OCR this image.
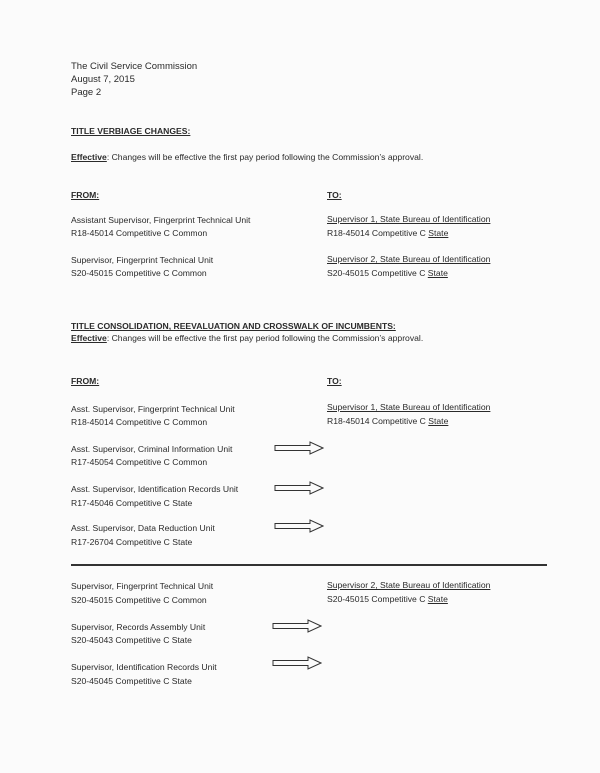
The Civil Service Commission
August 7, 2015
Page 2
TITLE VERBIAGE CHANGES:
Effective: Changes will be effective the first pay period following the Commission’s approval.
FROM:	TO:
Assistant Supervisor, Fingerprint Technical Unit
R18-45014 Competitive C Common
Supervisor, Fingerprint Technical Unit
S20-45015 Competitive C Common
Supervisor 1, State Bureau of Identification
R18-45014 Competitive C State
Supervisor 2, State Bureau of Identification
S20-45015 Competitive C State
TITLE CONSOLIDATION, REEVALUATION AND CROSSWALK OF INCUMBENTS:
Effective: Changes will be effective the first pay period following the Commission’s approval.
FROM:	TO:
Asst. Supervisor, Fingerprint Technical Unit
R18-45014 Competitive C Common
Supervisor 1, State Bureau of Identification
R18-45014 Competitive C State
Asst. Supervisor, Criminal Information Unit
R17-45054 Competitive C Common
Asst. Supervisor, Identification Records Unit
R17-45046 Competitive C State
Asst. Supervisor, Data Reduction Unit
R17-26704 Competitive C State
Supervisor, Fingerprint Technical Unit
S20-45015 Competitive C Common
Supervisor 2, State Bureau of Identification
S20-45015 Competitive C State
Supervisor, Records Assembly Unit
S20-45043 Competitive C State
Supervisor, Identification Records Unit
S20-45045 Competitive C State
